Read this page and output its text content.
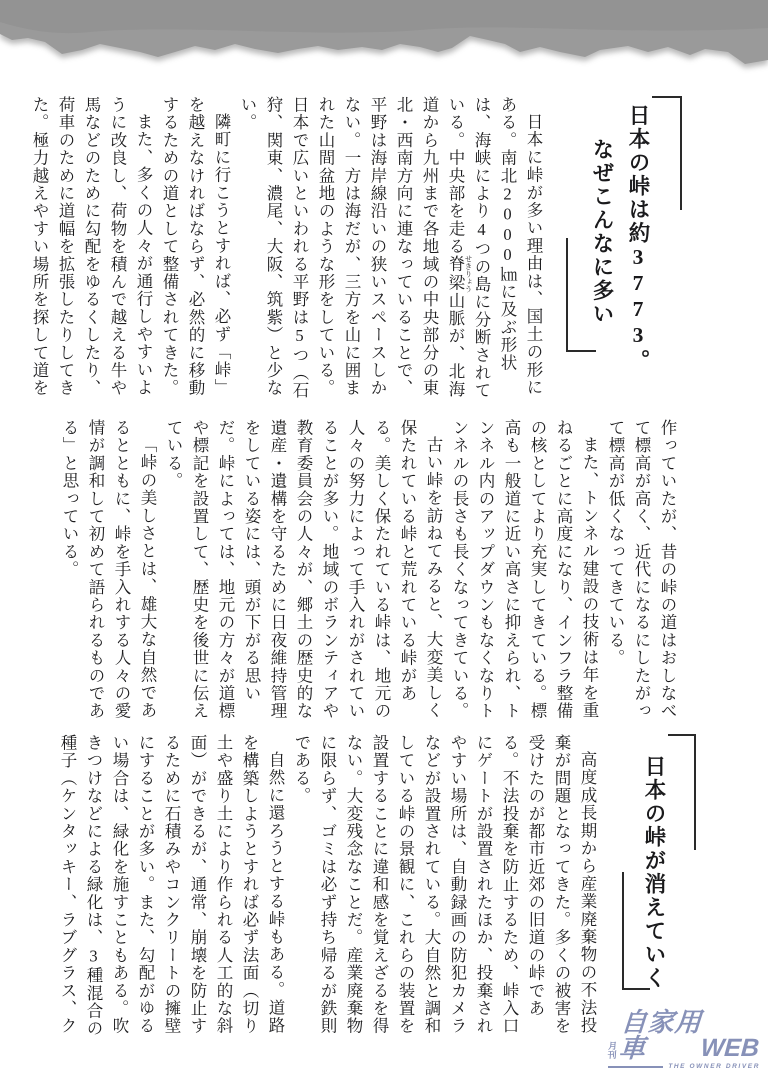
日本の峠は約3773。
なぜこんなに多い

日本に峠が多い理由は、国土の形にある。南北2000㎞に及ぶ形状は、海峡により4つの島に分断されている。中央部を走る脊梁 せきりょう山脈が、北海道から九州まで各地域の中央部分の東北・西南方向に連なっていることで、平野は海岸線沿いの狭いスペースしかない。一方は海だが、三方を山に囲まれた山間盆地のような形をしている。日本で広いといわれる平野は5つ（石狩、関東、濃尾、大阪、筑紫）と少ない。

隣町に行こうとすれば、必ず「峠」を越えなければならず、必然的に移動するための道として整備されてきた。

また、多くの人々が通行しやすいように改良し、荷物を積んで越える牛や馬などのために勾配をゆるくしたり、荷車のために道幅を拡張したりしてきた。極力越えやすい場所を探して道を

作っていたが、昔の峠の道はおしなべて標高が高く、近代になるにしたがって標高が低くなってきている。

また、トンネル建設の技術は年を重ねるごとに高度になり、インフラ整備の核としてより充実してきている。標高も一般道に近い高さに抑えられ、トンネル内のアップダウンもなくなりトンネルの長さも長くなってきている。

古い峠を訪ねてみると、大変美しく保たれている峠と荒れている峠がある。美しく保たれている峠は、地元の人々の努力によって手入れがされていることが多い。地域のボランティアや教育委員会の人々が、郷土の歴史的な遺産・遺構を守るために日夜維持管理をしている姿には、頭が下がる思いだ。峠によっては、地元の方々が道標や標記を設置して、歴史を後世に伝えている。

「峠の美しさとは、雄大な自然であるとともに、峠を手入れする人々の愛情が調和して初めて語られるものである」と思っている。

日本の峠が消えていく

高度成長期から産業廃棄物の不法投棄が問題となってきた。多くの被害を受けたのが都市近郊の旧道の峠である。不法投棄を防止するため、峠入口にゲートが設置されたほか、投棄されやすい場所は、自動録画の防犯カメラなどが設置されている。大自然と調和している峠の景観に、これらの装置を設置することに違和感を覚えざるを得ない。大変残念なことだ。産業廃棄物に限らず、ゴミは必ず持ち帰るが鉄則である。

自然に還ろうとする峠もある。道路を構築しようとすれば必ず法面（切り土や盛り土により作られる人工的な斜面）ができるが、通常、崩壊を防止するために石積みやコンクリートの擁壁にすることが多い。また、勾配がゆるい場合は、緑化を施すこともある。吹きつけなどによる緑化は、3種混合の種子（ケンタッキー、ラブグラス、ク

月刊
自家用車	WEB
THE OWNER DRIVER
